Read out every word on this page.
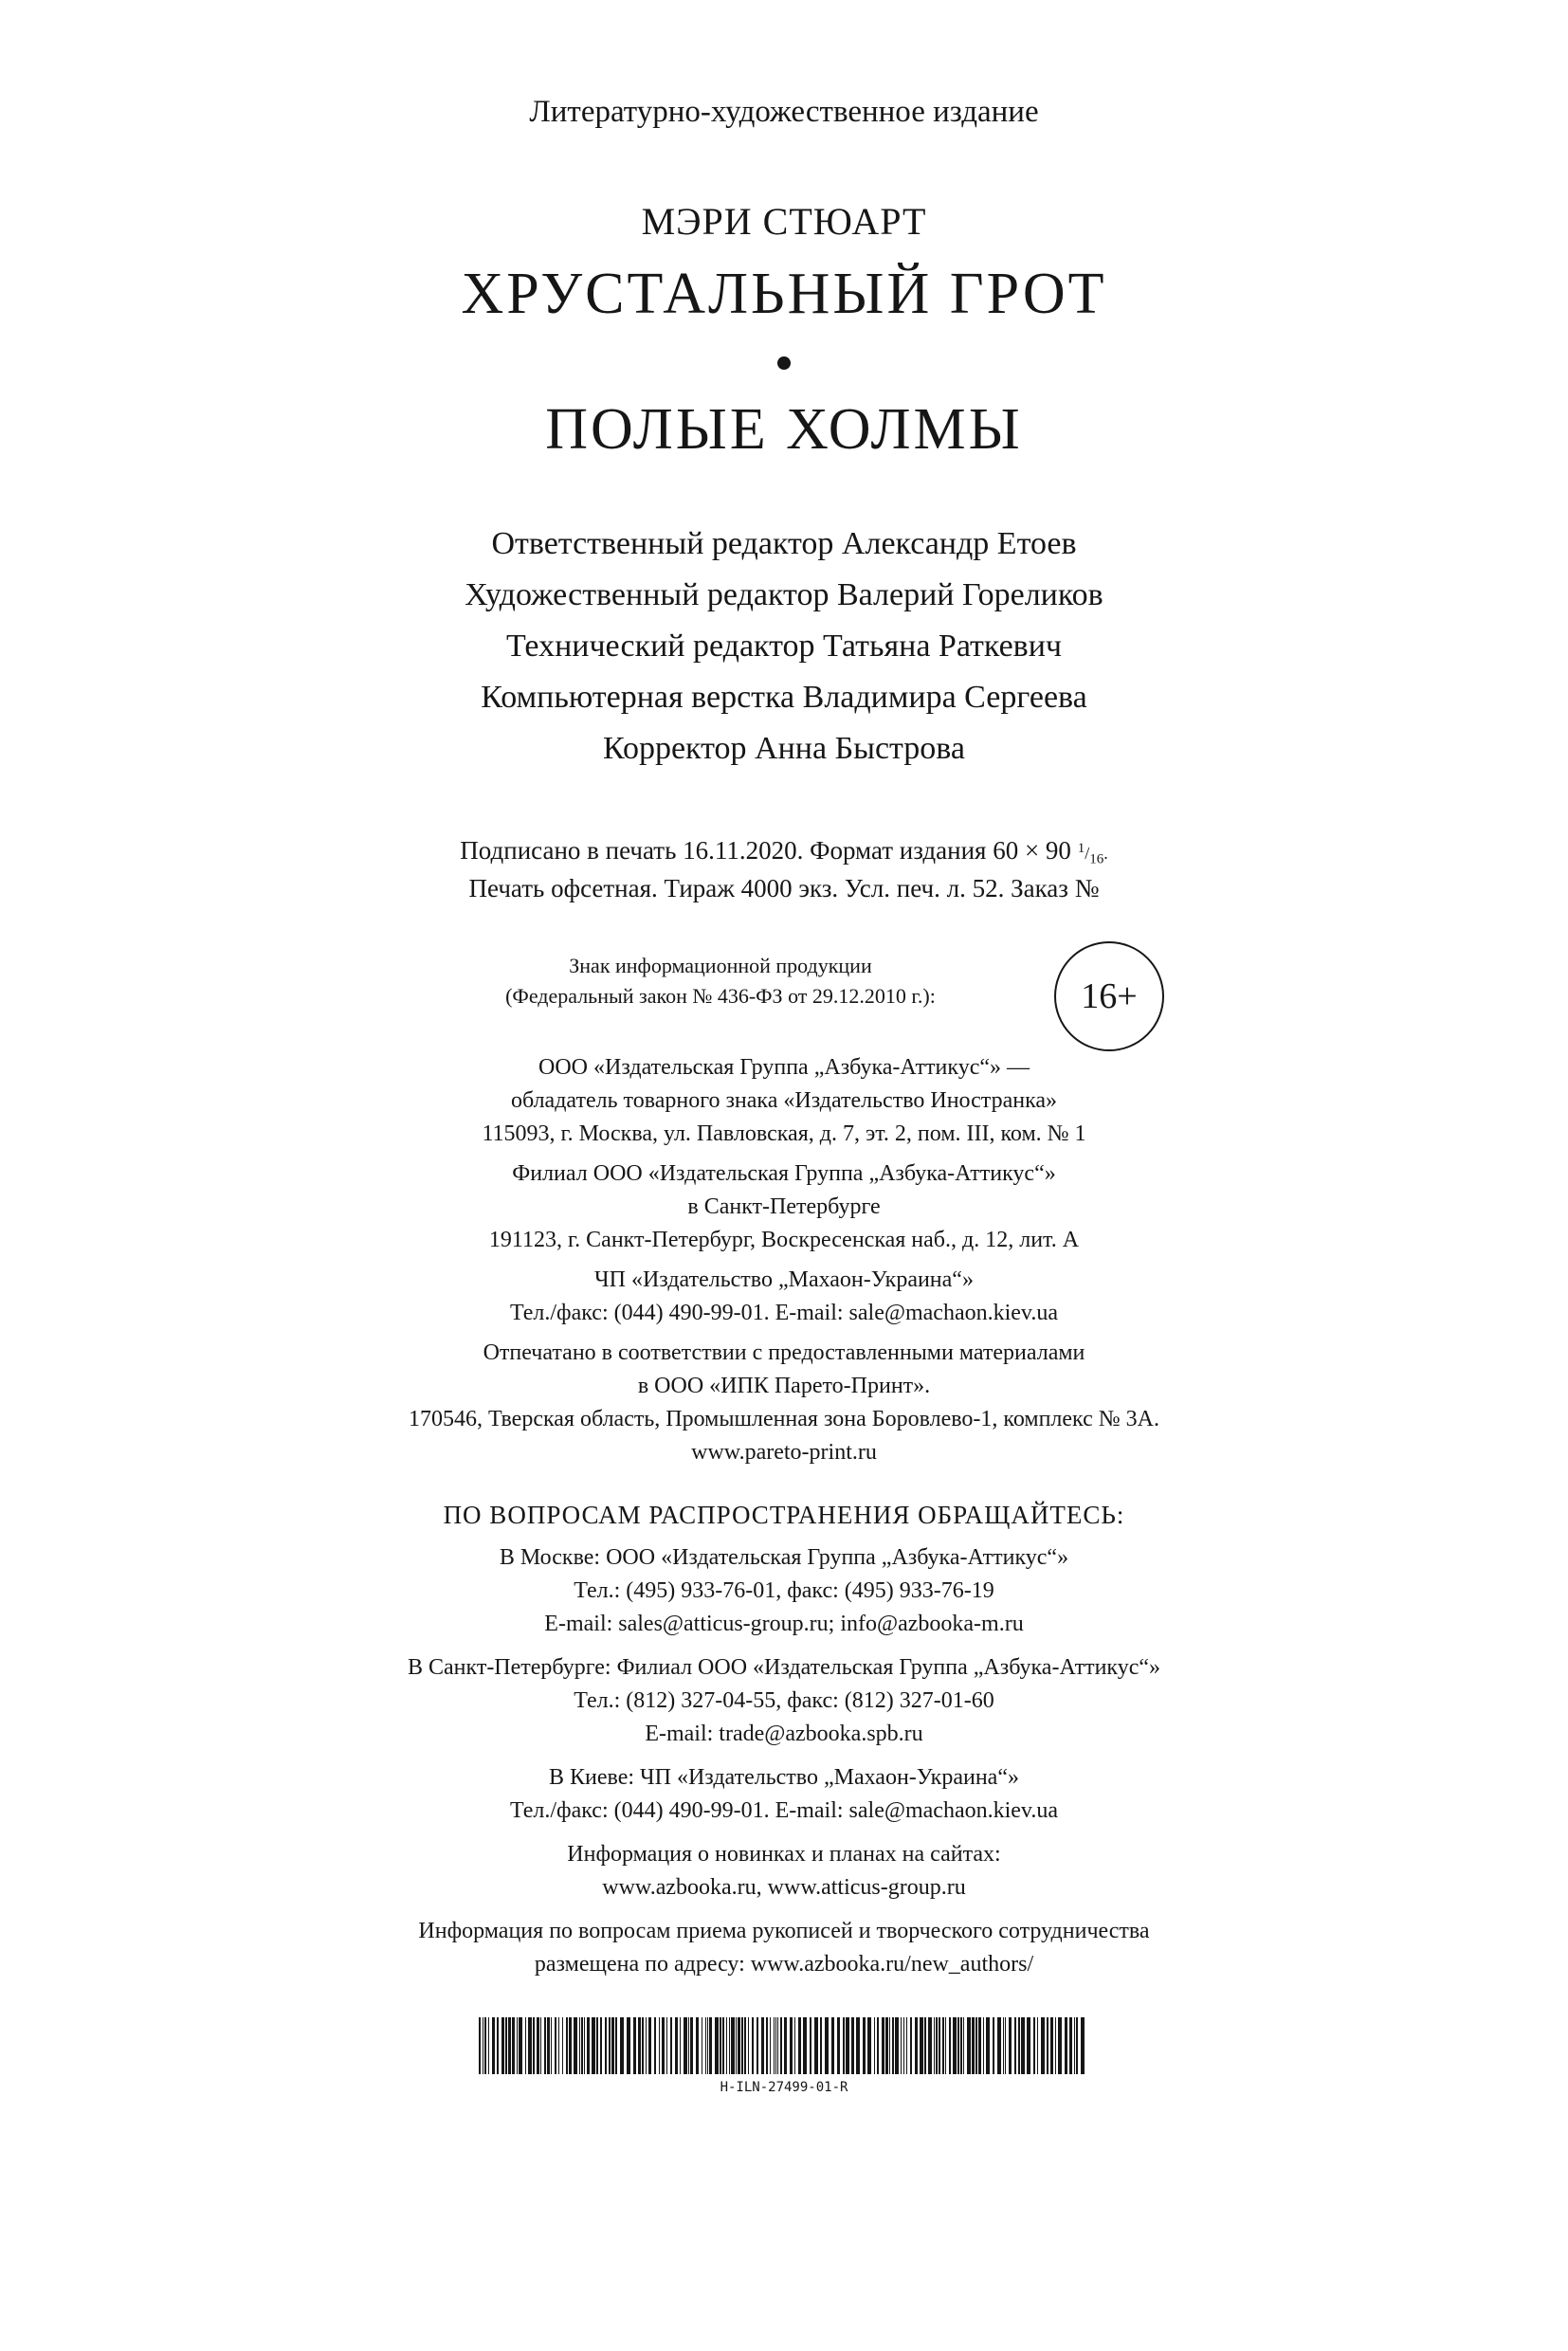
Литературно-художественное издание
МЭРИ СТЮАРТ
ХРУСТАЛЬНЫЙ ГРОТ
ПОЛЫЕ ХОЛМЫ
Ответственный редактор Александр Етоев
Художественный редактор Валерий Гореликов
Технический редактор Татьяна Раткевич
Компьютерная верстка Владимира Сергеева
Корректор Анна Быстрова
Подписано в печать 16.11.2020. Формат издания 60 × 90 $^1/_{16}$.
Печать офсетная. Тираж 4000 экз. Усл. печ. л. 52. Заказ №
Знак информационной продукции
(Федеральный закон № 436-ФЗ от 29.12.2010 г.):	16+
ООО «Издательская Группа „Азбука-Аттикус“» —
обладатель товарного знака «Издательство Иностранка»
115093, г. Москва, ул. Павловская, д. 7, эт. 2, пом. III, ком. № 1
Филиал ООО «Издательская Группа „Азбука-Аттикус“»
в Санкт-Петербурге
191123, г. Санкт-Петербург, Воскресенская наб., д. 12, лит. А
ЧП «Издательство „Махаон-Украина“»
Тел./факс: (044) 490-99-01. E-mail: sale@machaon.kiev.ua
Отпечатано в соответствии с предоставленными материалами
в ООО «ИПК Парето-Принт».
170546, Тверская область, Промышленная зона Боровлево-1, комплекс № 3А.
www.pareto-print.ru
ПО ВОПРОСАМ РАСПРОСТРАНЕНИЯ ОБРАЩАЙТЕСЬ:
В Москве: ООО «Издательская Группа „Азбука-Аттикус“»
Тел.: (495) 933-76-01, факс: (495) 933-76-19
E-mail: sales@atticus-group.ru; info@azbooka-m.ru
В Санкт-Петербурге: Филиал ООО «Издательская Группа „Азбука-Аттикус“»
Тел.: (812) 327-04-55, факс: (812) 327-01-60
E-mail: trade@azbooka.spb.ru
В Киеве: ЧП «Издательство „Махаон-Украина“»
Тел./факс: (044) 490-99-01. E-mail: sale@machaon.kiev.ua
Информация о новинках и планах на сайтах:
www.azbooka.ru, www.atticus-group.ru
Информация по вопросам приема рукописей и творческого сотрудничества
размещена по адресу: www.azbooka.ru/new_authors/
H-ILN-27499-01-R
